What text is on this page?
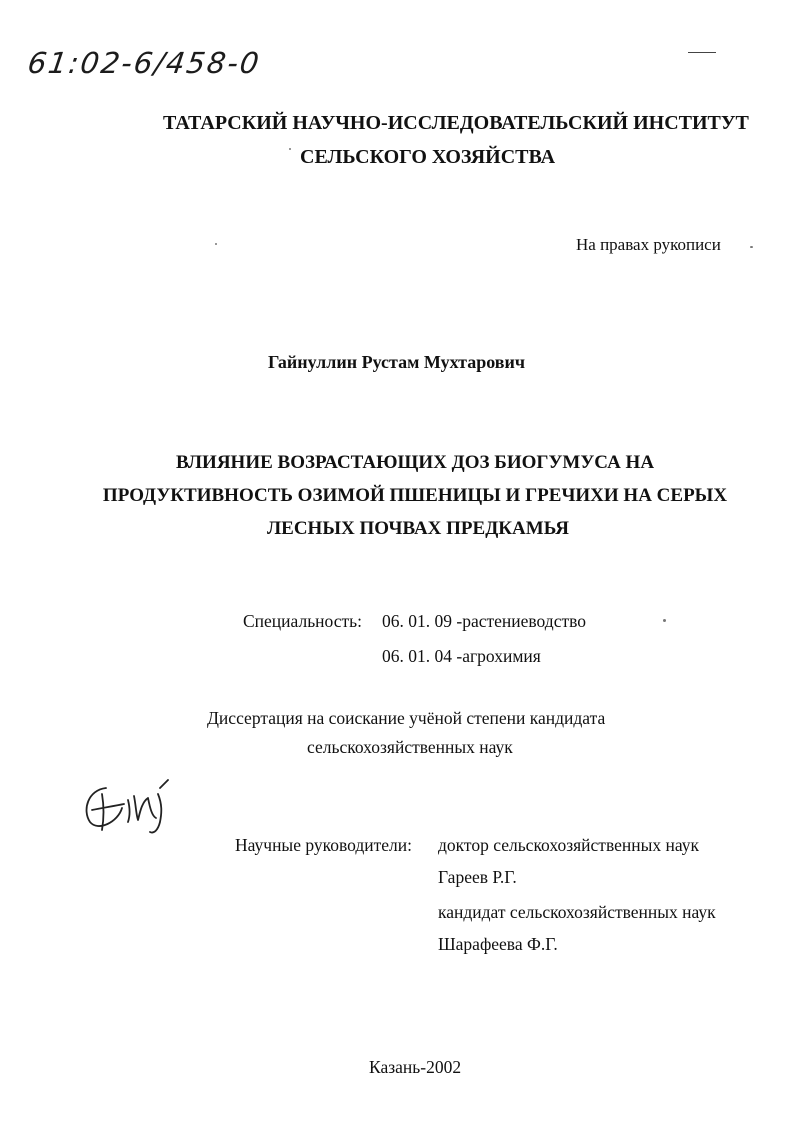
61:02-6/458-0
ТАТАРСКИЙ НАУЧНО-ИССЛЕДОВАТЕЛЬСКИЙ ИНСТИТУТ
СЕЛЬСКОГО ХОЗЯЙСТВА
На правах рукописи
Гайнуллин Рустам Мухтарович
ВЛИЯНИЕ ВОЗРАСТАЮЩИХ ДОЗ БИОГУМУСА НА
ПРОДУКТИВНОСТЬ ОЗИМОЙ ПШЕНИЦЫ И ГРЕЧИХИ НА СЕРЫХ
ЛЕСНЫХ ПОЧВАХ ПРЕДКАМЬЯ
Специальность: 06. 01. 09 -растениеводство
06. 01. 04 -агрохимия
Диссертация на соискание учёной степени кандидата
сельскохозяйственных наук
Научные руководители: доктор сельскохозяйственных наук
Гареев Р.Г.
кандидат сельскохозяйственных наук
Шарафеева Ф.Г.
Казань-2002
